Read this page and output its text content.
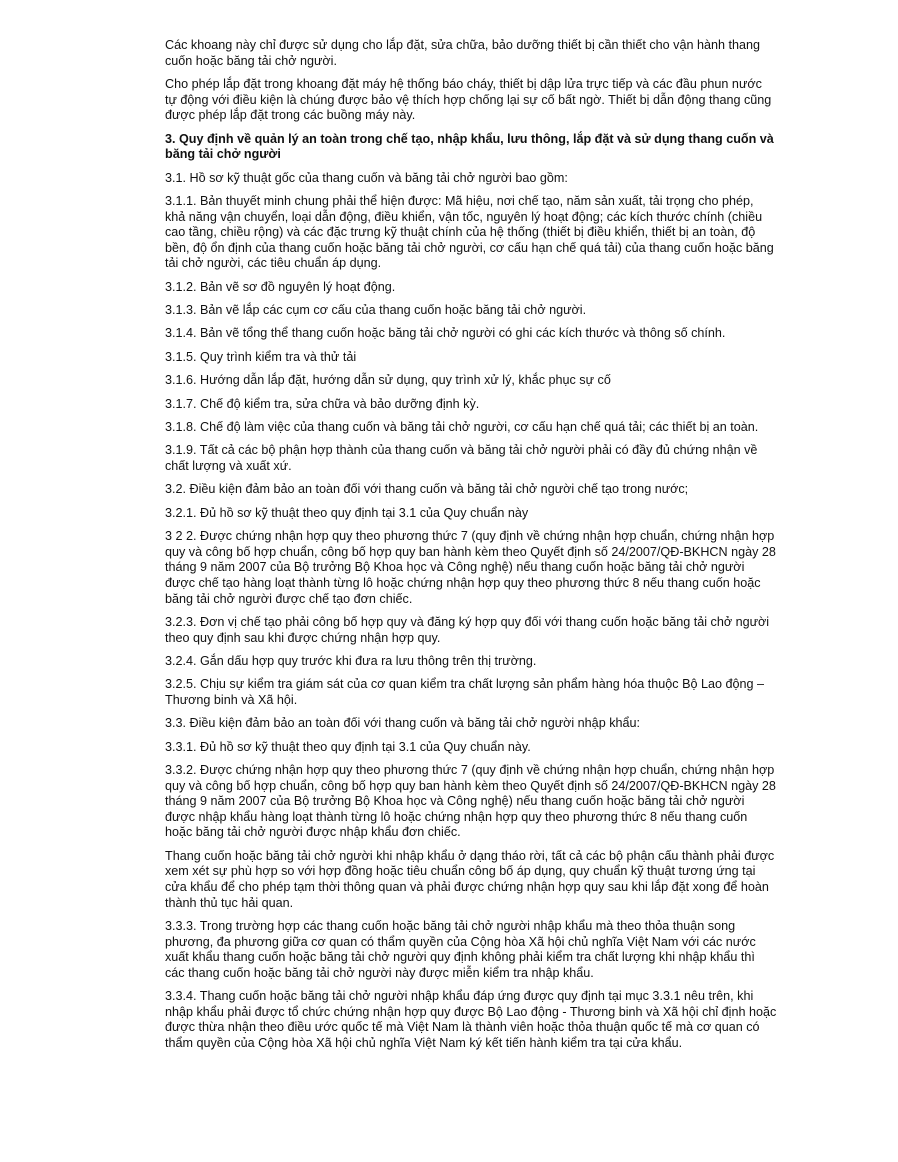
Các khoang này chỉ được sử dụng cho lắp đặt, sửa chữa, bảo dưỡng thiết bị cần thiết cho vận hành thang cuốn hoặc băng tải chở người.

Cho phép lắp đặt trong khoang đặt máy hệ thống báo cháy, thiết bị dập lửa trực tiếp và các đầu phun nước tự động với điều kiện là chúng được bảo vệ thích hợp chống lại sự cố bất ngờ. Thiết bị dẫn động thang cũng được phép lắp đặt trong các buồng máy này.

3. Quy định về quản lý an toàn trong chế tạo, nhập khẩu, lưu thông, lắp đặt và sử dụng thang cuốn và băng tải chở người

3.1. Hồ sơ kỹ thuật gốc của thang cuốn và băng tải chở người bao gồm:

3.1.1. Bản thuyết minh chung phải thể hiện được: Mã hiệu, nơi chế tạo, năm sản xuất, tải trọng cho phép, khả năng vận chuyển, loại dẫn động, điều khiển, vận tốc, nguyên lý hoạt động; các kích thước chính (chiều cao tầng, chiều rộng) và các đặc trưng kỹ thuật chính của hệ thống (thiết bị điều khiển, thiết bị an toàn, độ bền, độ ổn định của thang cuốn hoặc băng tải chở người, cơ cấu hạn chế quá tải) của thang cuốn hoặc băng tải chở người, các tiêu chuẩn áp dụng.

3.1.2. Bản vẽ sơ đồ nguyên lý hoạt động.

3.1.3. Bản vẽ lắp các cụm cơ cấu của thang cuốn hoặc băng tải chở người.

3.1.4. Bản vẽ tổng thể thang cuốn hoặc băng tải chở người có ghi các kích thước và thông số chính.

3.1.5. Quy trình kiểm tra và thử tải

3.1.6. Hướng dẫn lắp đặt, hướng dẫn sử dụng, quy trình xử lý, khắc phục sự cố

3.1.7. Chế độ kiểm tra, sửa chữa và bảo dưỡng định kỳ.

3.1.8. Chế độ làm việc của thang cuốn và băng tải chở người, cơ cấu hạn chế quá tải; các thiết bị an toàn.

3.1.9. Tất cả các bộ phận hợp thành của thang cuốn và băng tải chở người phải có đầy đủ chứng nhận về chất lượng và xuất xứ.

3.2. Điều kiện đảm bảo an toàn đối với thang cuốn và băng tải chở người chế tạo trong nước;

3.2.1. Đủ hồ sơ kỹ thuật theo quy định tại 3.1 của Quy chuẩn này

3 2 2. Được chứng nhận hợp quy theo phương thức 7 (quy định về chứng nhận hợp chuẩn, chứng nhận hợp quy và công bố hợp chuẩn, công bố hợp quy ban hành kèm theo Quyết định số 24/2007/QĐ-BKHCN ngày 28 tháng 9 năm 2007 của Bộ trưởng Bộ Khoa học và Công nghệ) nếu thang cuốn hoặc băng tải chở người được chế tạo hàng loạt thành từng lô hoặc chứng nhận hợp quy theo phương thức 8 nếu thang cuốn hoặc băng tải chở người được chế tạo đơn chiếc.

3.2.3. Đơn vị chế tạo phải công bố hợp quy và đăng ký hợp quy đối với thang cuốn hoặc băng tải chở người theo quy định sau khi được chứng nhận hợp quy.

3.2.4. Gắn dấu hợp quy trước khi đưa ra lưu thông trên thị trường.

3.2.5. Chịu sự kiểm tra giám sát của cơ quan kiểm tra chất lượng sản phẩm hàng hóa thuộc Bộ Lao động – Thương binh và Xã hội.

3.3. Điều kiện đảm bảo an toàn đối với thang cuốn và băng tải chở người nhập khẩu:

3.3.1. Đủ hồ sơ kỹ thuật theo quy định tại 3.1 của Quy chuẩn này.

3.3.2. Được chứng nhận hợp quy theo phương thức 7 (quy định về chứng nhận hợp chuẩn, chứng nhận hợp quy và công bố hợp chuẩn, công bố hợp quy ban hành kèm theo Quyết định số 24/2007/QĐ-BKHCN ngày 28 tháng 9 năm 2007 của Bộ trưởng Bộ Khoa học và Công nghệ) nếu thang cuốn hoặc băng tải chở người được nhập khẩu hàng loạt thành từng lô hoặc chứng nhận hợp quy theo phương thức 8 nếu thang cuốn hoặc băng tải chở người được nhập khẩu đơn chiếc.

Thang cuốn hoặc băng tải chở người khi nhập khẩu ở dạng tháo rời, tất cả các bộ phận cấu thành phải được xem xét sự phù hợp so với hợp đồng hoặc tiêu chuẩn công bố áp dụng, quy chuẩn kỹ thuật tương ứng tại cửa khẩu để cho phép tạm thời thông quan và phải được chứng nhận hợp quy sau khi lắp đặt xong để hoàn thành thủ tục hải quan.

3.3.3. Trong trường hợp các thang cuốn hoặc băng tải chở người nhập khẩu mà theo thỏa thuận song phương, đa phương giữa cơ quan có thẩm quyền của Cộng hòa Xã hội chủ nghĩa Việt Nam với các nước xuất khẩu thang cuốn hoặc băng tải chở người quy định không phải kiểm tra chất lượng khi nhập khẩu thì các thang cuốn hoặc băng tải chở người này được miễn kiểm tra nhập khẩu.

3.3.4. Thang cuốn hoặc băng tải chở người nhập khẩu đáp ứng được quy định tại mục 3.3.1 nêu trên, khi nhập khẩu phải được tổ chức chứng nhận hợp quy được Bộ Lao động - Thương binh và Xã hội chỉ định hoặc được thừa nhận theo điều ước quốc tế mà Việt Nam là thành viên hoặc thỏa thuận quốc tế mà cơ quan có thẩm quyền của Cộng hòa Xã hội chủ nghĩa Việt Nam ký kết tiến hành kiểm tra tại cửa khẩu.
